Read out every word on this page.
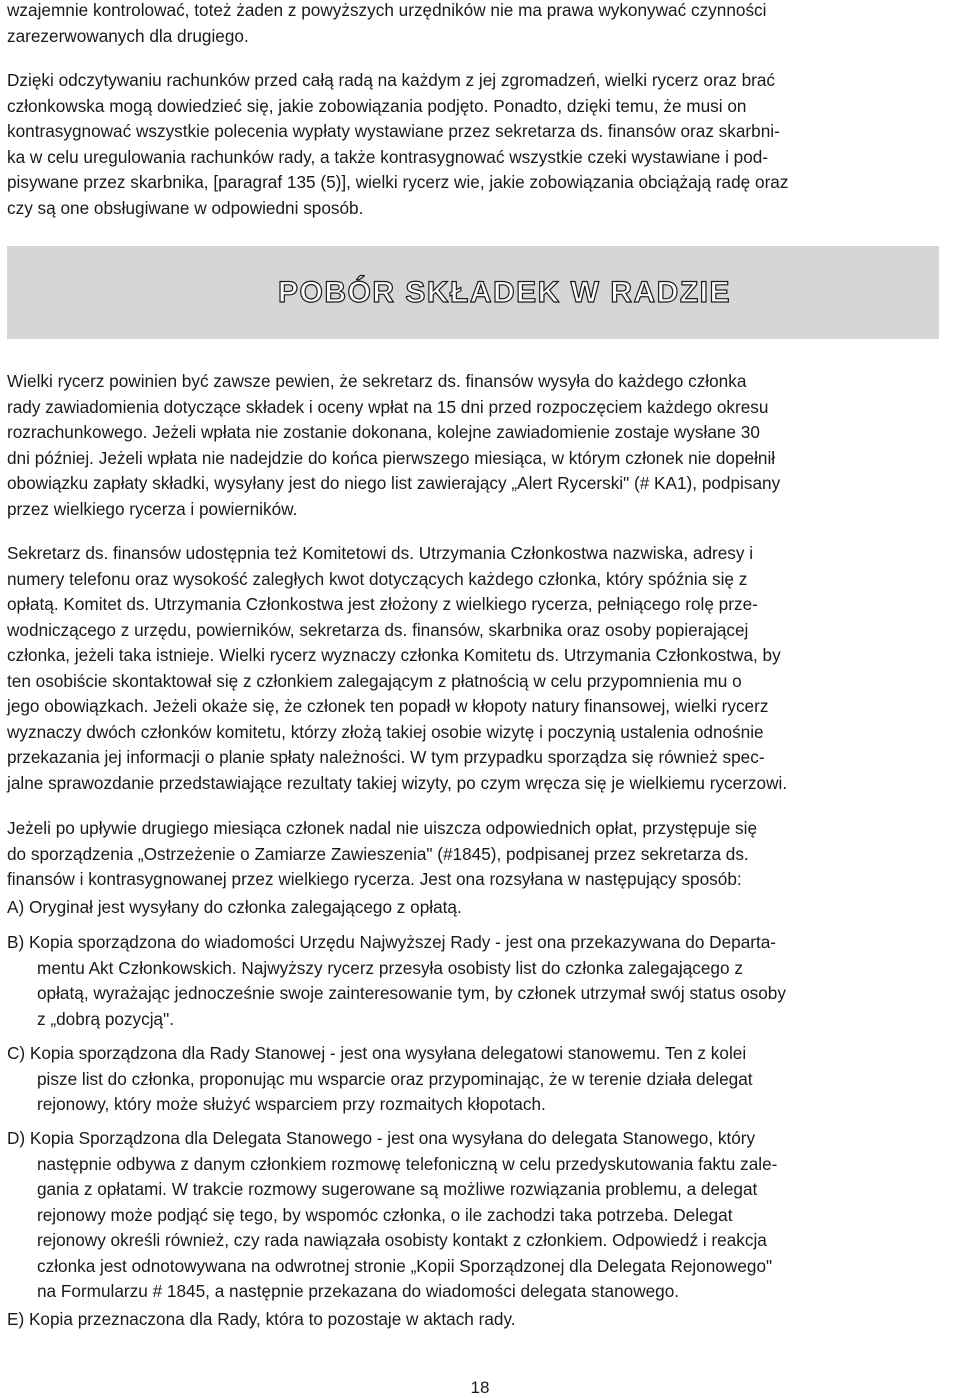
wzajemnie kontrolować, toteż żaden z powyższych urzędników nie ma prawa wykonywać czynności
zarezerwowanych dla drugiego.
Dzięki odczytywaniu rachunków przed całą radą na każdym z jej zgromadzeń, wielki rycerz oraz brać
członkowska mogą dowiedzieć się, jakie zobowiązania podjęto. Ponadto, dzięki temu, że musi on
kontrasygnować wszystkie polecenia wypłaty wystawiane przez sekretarza ds. finansów oraz skarbni-
ka w celu uregulowania rachunków rady, a także kontrasygnować wszystkie czeki wystawiane i pod-
pisywane przez skarbnika, [paragraf 135 (5)], wielki rycerz wie, jakie zobowiązania obciążają radę oraz
czy są one obsługiwane w odpowiedni sposób.
POBÓR SKŁADEK W RADZIE
Wielki rycerz powinien być zawsze pewien, że sekretarz ds. finansów wysyła do każdego członka
rady zawiadomienia dotyczące składek i oceny wpłat na 15 dni przed rozpoczęciem każdego okresu
rozrachunkowego. Jeżeli wpłata nie zostanie dokonana, kolejne zawiadomienie zostaje wysłane 30
dni później. Jeżeli wpłata nie nadejdzie do końca pierwszego miesiąca, w którym członek nie dopełnił
obowiązku zapłaty składki, wysyłany jest do niego list zawierający „Alert Rycerski" (# KA1), podpisany
przez wielkiego rycerza i powierników.
Sekretarz ds. finansów udostępnia też Komitetowi ds. Utrzymania Członkostwa nazwiska, adresy i
numery telefonu oraz wysokość zaległych kwot dotyczących każdego członka, który spóźnia się z
opłatą. Komitet ds. Utrzymania Członkostwa jest złożony z wielkiego rycerza, pełniącego rolę prze-
wodniczącego z urzędu, powierników, sekretarza ds. finansów, skarbnika oraz osoby popierającej
członka, jeżeli taka istnieje. Wielki rycerz wyznaczy członka Komitetu ds. Utrzymania Członkostwa, by
ten osobiście skontaktował się z członkiem zalegającym z płatnością w celu przypomnienia mu o
jego obowiązkach. Jeżeli okaże się, że członek ten popadł w kłopoty natury finansowej, wielki rycerz
wyznaczy dwóch członków komitetu, którzy złożą takiej osobie wizytę i poczynią ustalenia odnośnie
przekazania jej informacji o planie spłaty należności. W tym przypadku sporządza się również spec-
jalne sprawozdanie przedstawiające rezultaty takiej wizyty, po czym wręcza się je wielkiemu rycerzowi.
Jeżeli po upływie drugiego miesiąca członek nadal nie uiszcza odpowiednich opłat, przystępuje się
do sporządzenia „Ostrzeżenie o Zamiarze Zawieszenia" (#1845), podpisanej przez sekretarza ds.
finansów i kontrasygnowanej przez wielkiego rycerza. Jest ona rozsyłana w następujący sposób:
A) Oryginał jest wysyłany do członka zalegającego z opłatą.
B) Kopia sporządzona do wiadomości Urzędu Najwyższej Rady - jest ona przekazywana do Departa-
mentu Akt Członkowskich. Najwyższy rycerz przesyła osobisty list do członka zalegającego z
opłatą, wyrażając jednocześnie swoje zainteresowanie tym, by członek utrzymał swój status osoby
z „dobrą pozycją".
C) Kopia sporządzona dla Rady Stanowej - jest ona wysyłana delegatowi stanowemu. Ten z kolei
pisze list do członka, proponując mu wsparcie oraz przypominając, że w terenie działa delegat
rejonowy, który może służyć wsparciem przy rozmaitych kłopotach.
D) Kopia Sporządzona dla Delegata Stanowego - jest ona wysyłana do delegata Stanowego, który
następnie odbywa z danym członkiem rozmowę telefoniczną w celu przedyskutowania faktu zale-
gania z opłatami. W trakcie rozmowy sugerowane są możliwe rozwiązania problemu, a delegat
rejonowy może podjąć się tego, by wspomóc członka, o ile zachodzi taka potrzeba. Delegat
rejonowy określi również, czy rada nawiązała osobisty kontakt z członkiem. Odpowiedź i reakcja
członka jest odnotowywana na odwrotnej stronie „Kopii Sporządzonej dla Delegata Rejonowego"
na Formularzu # 1845, a następnie przekazana do wiadomości delegata stanowego.
E) Kopia przeznaczona dla Rady, która to pozostaje w aktach rady.
18
